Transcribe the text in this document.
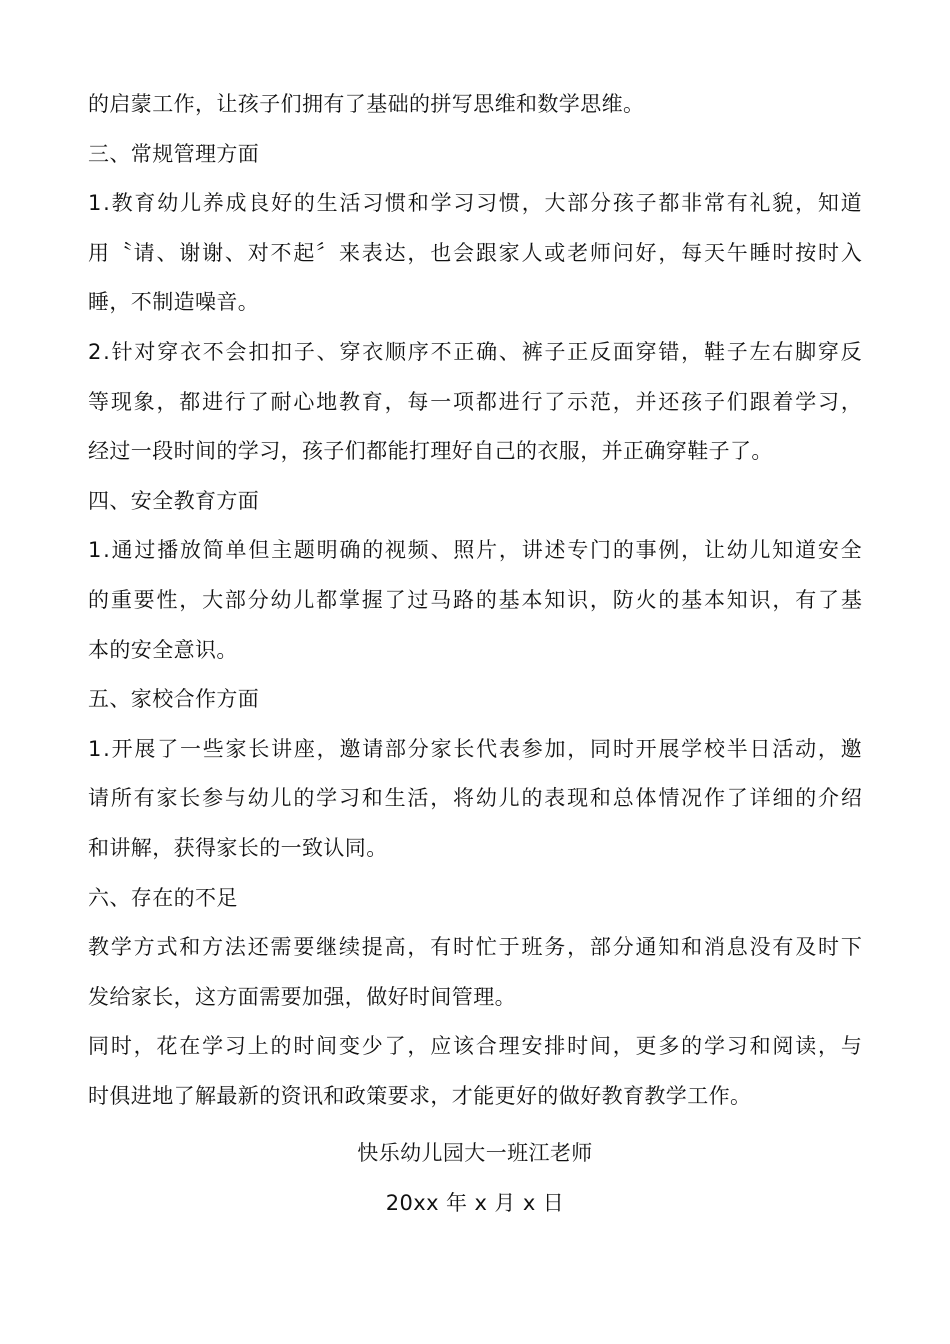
的启蒙工作，让孩子们拥有了基础的拼写思维和数学思维。
三、常规管理方面
1 . 教 育 幼 儿 养 成 良 好 的 生 活 习 惯 和 学 习 习 惯 ， 大 部 分 孩 子 都 非 常 有 礼 貌 ， 知 道
用 〝 请 、 谢 谢 、 对 不 起 〞 来 表 达 ， 也 会 跟 家 人 或 老 师 问 好 ， 每 天 午 睡 时 按 时 入
睡，不制造噪音。
2 . 针 对 穿 衣 不 会 扣 扣 子 、 穿 衣 顺 序 不 正 确 、 裤 子 正 反 面 穿 错 ， 鞋 子 左 右 脚 穿 反
等 现 象 ， 都 进 行 了 耐 心 地 教 育 ， 每 一 项 都 进 行 了 示 范 ， 并 还 孩 子 们 跟 着 学 习 ，
经过一段时间的学习，孩子们都能打理好自己的衣服，并正确穿鞋子了。
四、安全教育方面
1 . 通 过 播 放 简 单 但 主 题 明 确 的 视 频 、 照 片 ， 讲 述 专 门 的 事 例 ， 让 幼 儿 知 道 安 全
的 重 要 性 ， 大 部 分 幼 儿 都 掌 握 了 过 马 路 的 基 本 知 识 ， 防 火 的 基 本 知 识 ， 有 了 基
本的安全意识。
五、家校合作方面
1 . 开 展 了 一 些 家 长 讲 座 ， 邀 请 部 分 家 长 代 表 参 加 ， 同 时 开 展 学 校 半 日 活 动 ， 邀
请 所 有 家 长 参 与 幼 儿 的 学 习 和 生 活 ， 将 幼 儿 的 表 现 和 总 体 情 况 作 了 详 细 的 介 绍
和讲解，获得家长的一致认同。
六、存在的不足
教 学 方 式 和 方 法 还 需 要 继 续 提 高 ， 有 时 忙 于 班 务 ， 部 分 通 知 和 消 息 没 有 及 时 下
发给家长，这方面需要加强，做好时间管理。
同 时 ， 花 在 学 习 上 的 时 间 变 少 了 ， 应 该 合 理 安 排 时 间 ， 更 多 的 学 习 和 阅 读 ， 与
时俱进地了解最新的资讯和政策要求，才能更好的做好教育教学工作。
快乐幼儿园大一班江老师
20xx 年 x 月 x 日
